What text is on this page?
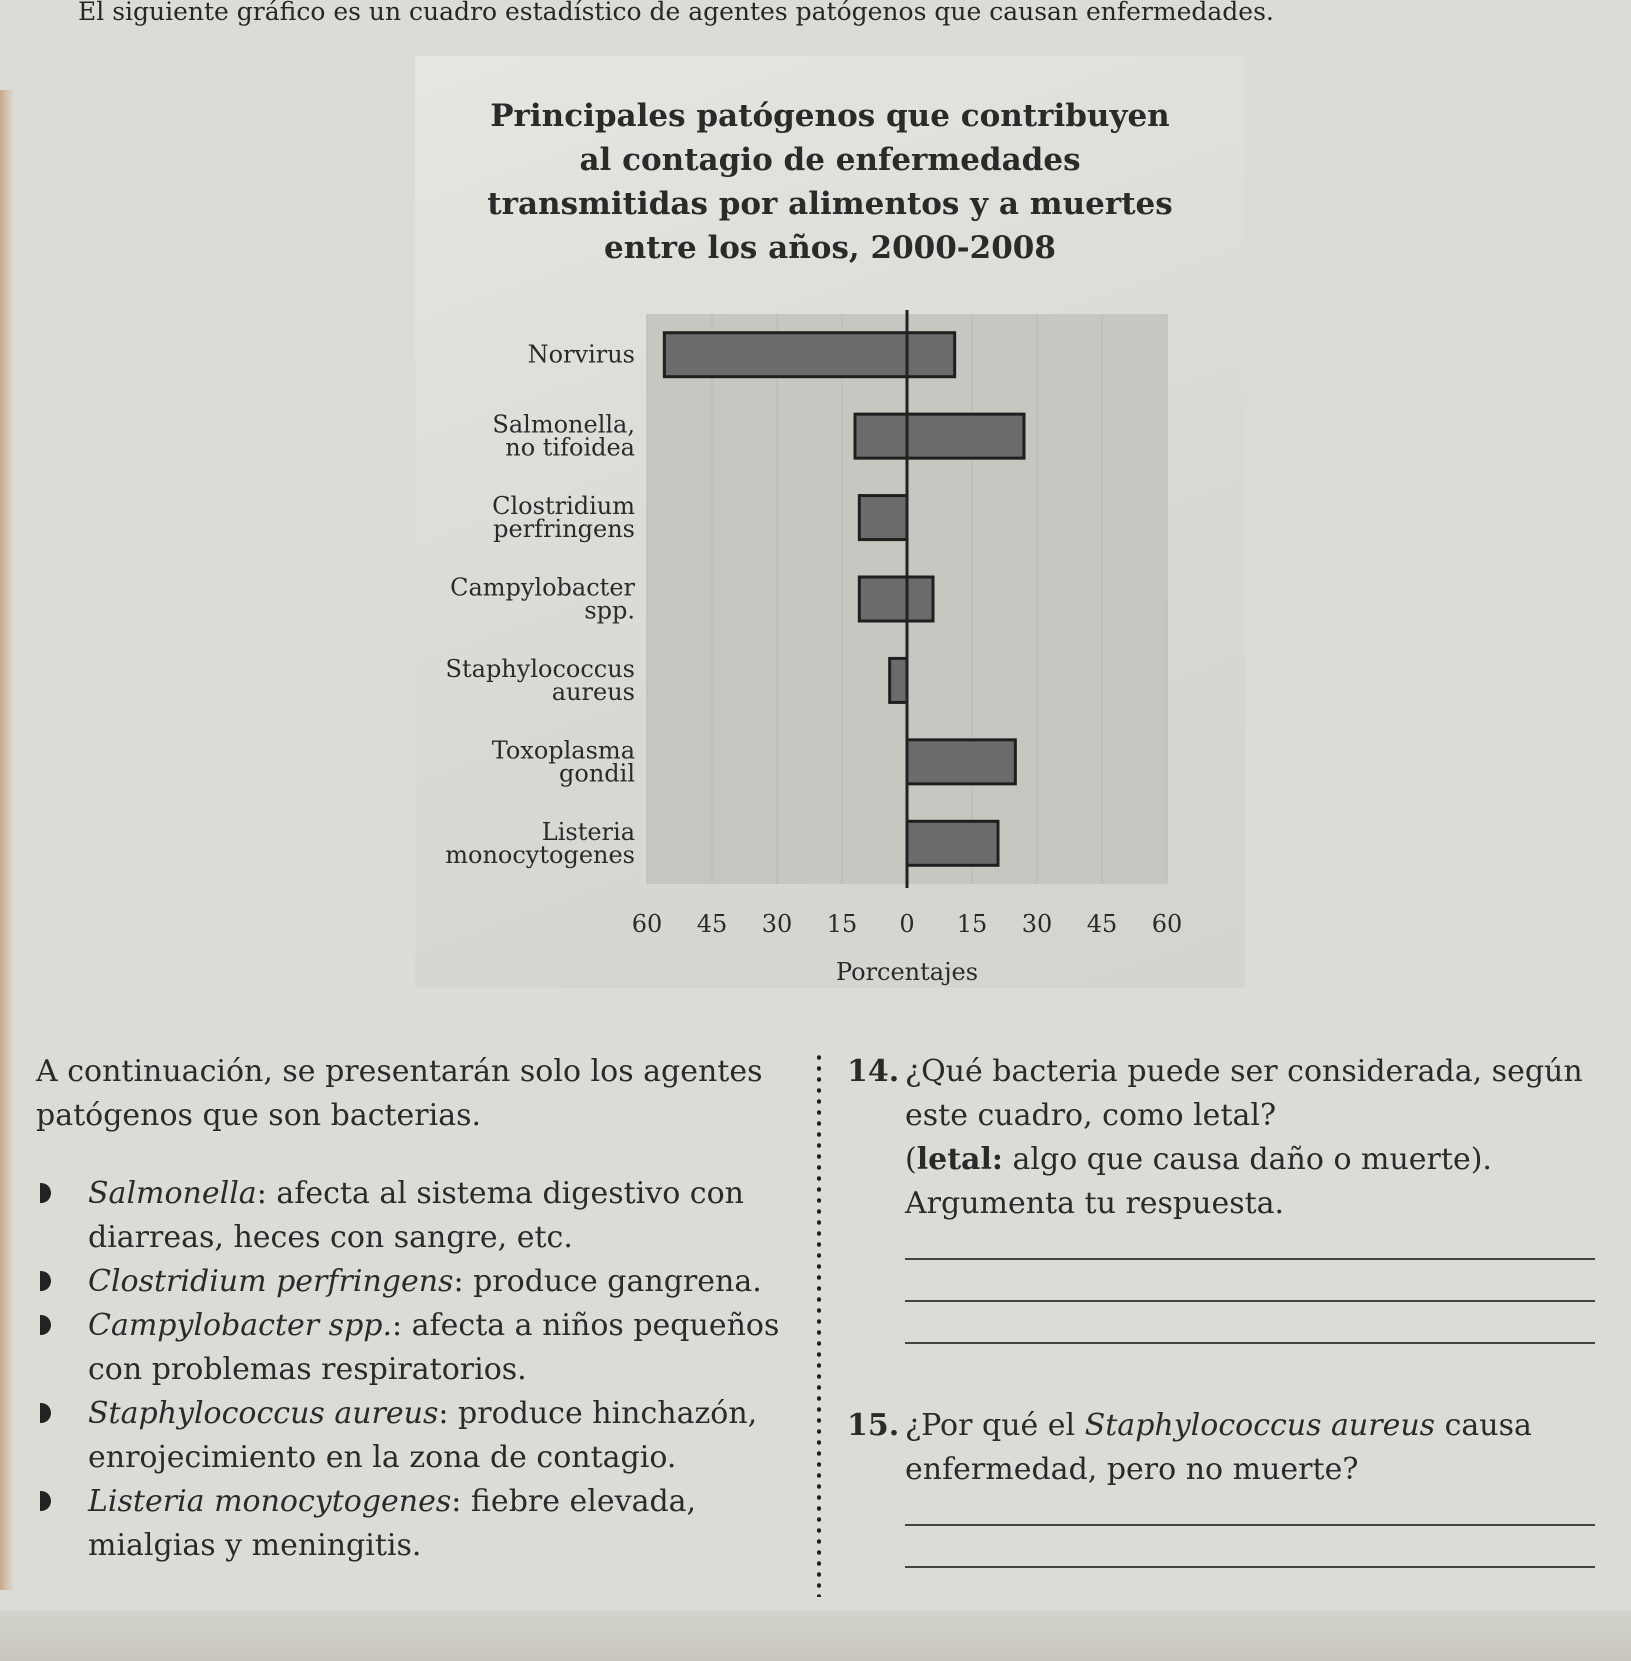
El siguiente gráfico es un cuadro estadístico de agentes patógenos que causan enfermedades.
Principales patógenos que contribuyen
al contagio de enfermedades
transmitidas por alimentos y a muertes
entre los años, 2000-2008
Norvirus
Salmonella, no tifoidea
Clostridium perfringens
Campylobacter spp.
Staphylococcus aureus
Toxoplasma gondil
Listeria monocytogenes
60 45 30 15 0 15 30 45 60
Porcentajes

A continuación, se presentarán solo los agentes patógenos que son bacterias.

Salmonella: afecta al sistema digestivo con diarreas, heces con sangre, etc.
Clostridium perfringens: produce gangrena.
Campylobacter spp.: afecta a niños pequeños con problemas respiratorios.
Staphylococcus aureus: produce hinchazón, enrojecimiento en la zona de contagio.
Listeria monocytogenes: fiebre elevada, mialgias y meningitis.
14. ¿Qué bacteria puede ser considerada, según este cuadro, como letal?
(letal: algo que causa daño o muerte). Argumenta tu respuesta.
15. ¿Por qué el Staphylococcus aureus causa enfermedad, pero no muerte?
